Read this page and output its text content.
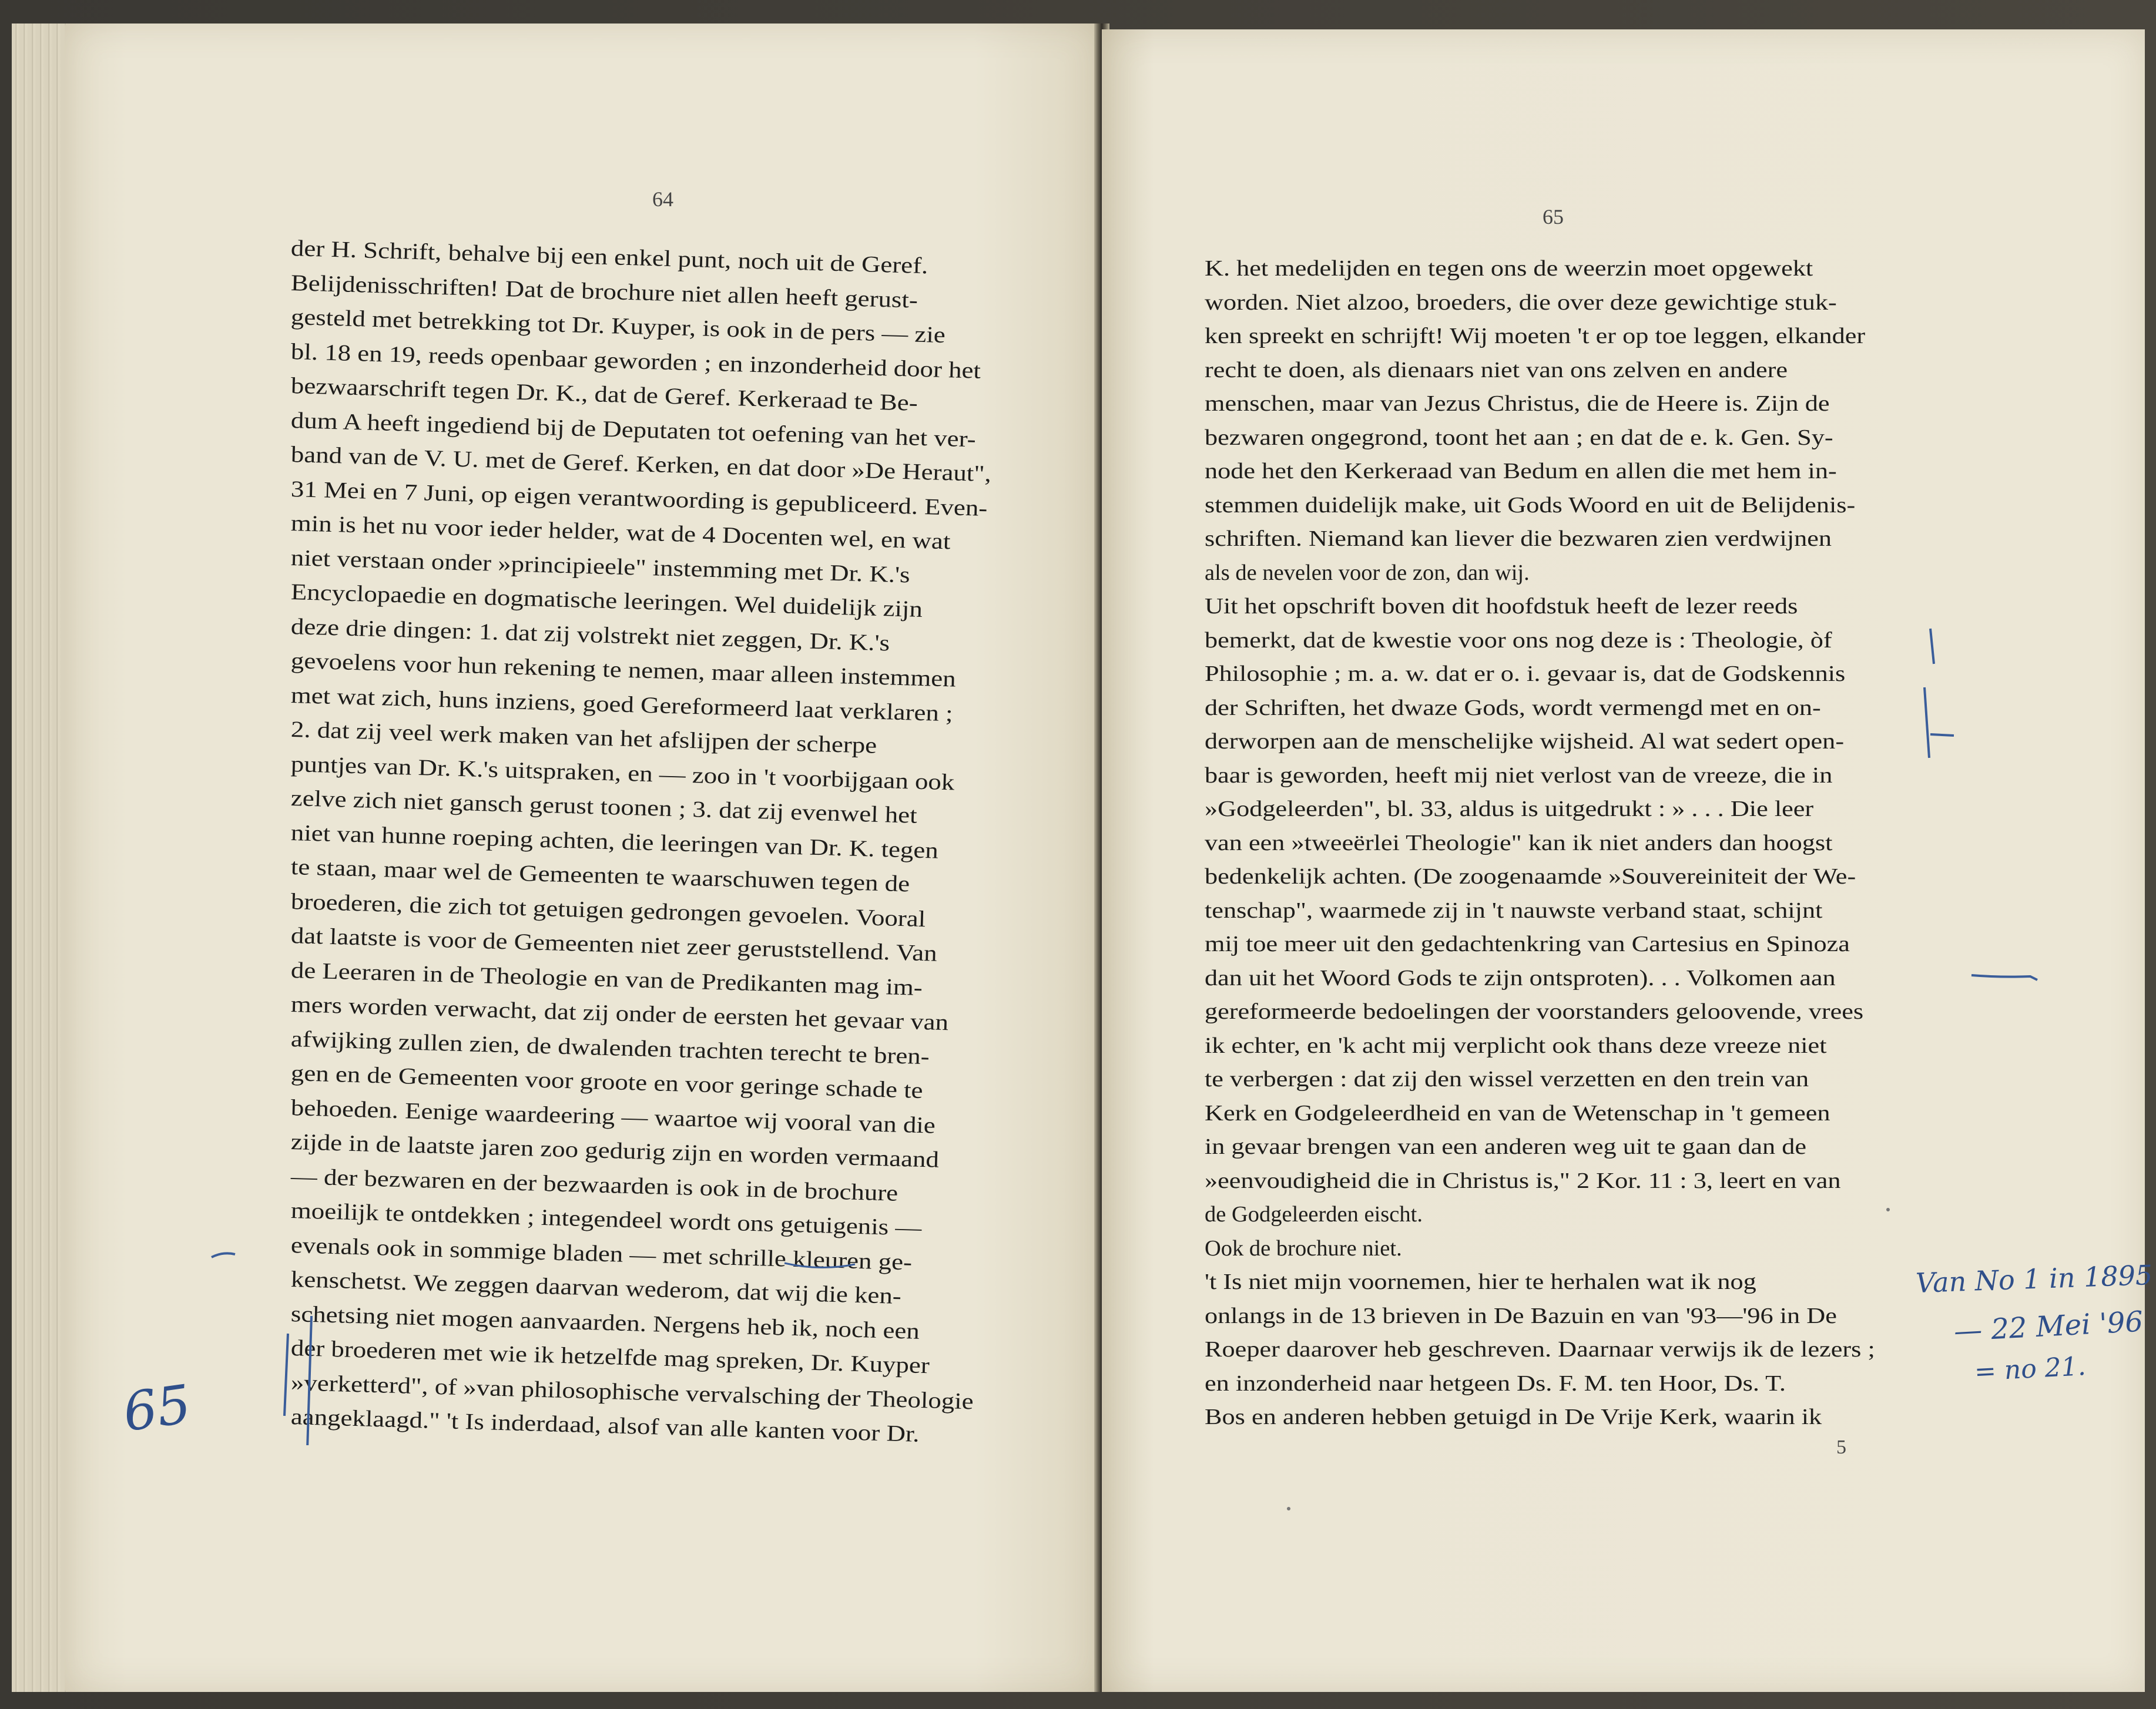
64
der H. Schrift, behalve bij een enkel punt, noch uit de Geref.
Belijdenisschriften! Dat de brochure niet allen heeft gerust-
gesteld met betrekking tot Dr. Kuyper, is ook in de pers — zie
bl. 18 en 19, reeds openbaar geworden ; en inzonderheid door het
bezwaarschrift tegen Dr. K., dat de Geref. Kerkeraad te Be-
dum A heeft ingediend bij de Deputaten tot oefening van het ver-
band van de V. U. met de Geref. Kerken, en dat door »De Heraut",
31 Mei en 7 Juni, op eigen verantwoording is gepubliceerd. Even-
min is het nu voor ieder helder, wat de 4 Docenten wel, en wat
niet verstaan onder »principieele" instemming met Dr. K.'s
Encyclopaedie en dogmatische leeringen. Wel duidelijk zijn
deze drie dingen: 1. dat zij volstrekt niet zeggen, Dr. K.'s
gevoelens voor hun rekening te nemen, maar alleen instemmen
met wat zich, huns inziens, goed Gereformeerd laat verklaren ;
2. dat zij veel werk maken van het afslijpen der scherpe
puntjes van Dr. K.'s uitspraken, en — zoo in 't voorbijgaan ook
zelve zich niet gansch gerust toonen ; 3. dat zij evenwel het
niet van hunne roeping achten, die leeringen van Dr. K. tegen
te staan, maar wel de Gemeenten te waarschuwen tegen de
broederen, die zich tot getuigen gedrongen gevoelen. Vooral
dat laatste is voor de Gemeenten niet zeer geruststellend. Van
de Leeraren in de Theologie en van de Predikanten mag im-
mers worden verwacht, dat zij onder de eersten het gevaar van
afwijking zullen zien, de dwalenden trachten terecht te bren-
gen en de Gemeenten voor groote en voor geringe schade te
behoeden. Eenige waardeering — waartoe wij vooral van die
zijde in de laatste jaren zoo gedurig zijn en worden vermaand
— der bezwaren en der bezwaarden is ook in de brochure
moeilijk te ontdekken ; integendeel wordt ons getuigenis —
evenals ook in sommige bladen — met schrille kleuren ge-
kenschetst. We zeggen daarvan wederom, dat wij die ken-
schetsing niet mogen aanvaarden. Nergens heb ik, noch een
der broederen met wie ik hetzelfde mag spreken, Dr. Kuyper
»verketterd", of »van philosophische vervalsching der Theologie
aangeklaagd." 't Is inderdaad, alsof van alle kanten voor Dr.
65
65
K. het medelijden en tegen ons de weerzin moet opgewekt
worden. Niet alzoo, broeders, die over deze gewichtige stuk-
ken spreekt en schrijft! Wij moeten 't er op toe leggen, elkander
recht te doen, als dienaars niet van ons zelven en andere
menschen, maar van Jezus Christus, die de Heere is. Zijn de
bezwaren ongegrond, toont het aan ; en dat de e. k. Gen. Sy-
node het den Kerkeraad van Bedum en allen die met hem in-
stemmen duidelijk make, uit Gods Woord en uit de Belijdenis-
schriften. Niemand kan liever die bezwaren zien verdwijnen
als de nevelen voor de zon, dan wij.
Uit het opschrift boven dit hoofdstuk heeft de lezer reeds
bemerkt, dat de kwestie voor ons nog deze is : Theologie, òf
Philosophie ; m. a. w. dat er o. i. gevaar is, dat de Godskennis
der Schriften, het dwaze Gods, wordt vermengd met en on-
derworpen aan de menschelijke wijsheid. Al wat sedert open-
baar is geworden, heeft mij niet verlost van de vreeze, die in
»Godgeleerden", bl. 33, aldus is uitgedrukt : » . . . Die leer
van een »tweeërlei Theologie" kan ik niet anders dan hoogst
bedenkelijk achten. (De zoogenaamde »Souvereiniteit der We-
tenschap", waarmede zij in 't nauwste verband staat, schijnt
mij toe meer uit den gedachtenkring van Cartesius en Spinoza
dan uit het Woord Gods te zijn ontsproten). . . Volkomen aan
gereformeerde bedoelingen der voorstanders geloovende, vrees
ik echter, en 'k acht mij verplicht ook thans deze vreeze niet
te verbergen : dat zij den wissel verzetten en den trein van
Kerk en Godgeleerdheid en van de Wetenschap in 't gemeen
in gevaar brengen van een anderen weg uit te gaan dan de
»eenvoudigheid die in Christus is," 2 Kor. 11 : 3, leert en van
de Godgeleerden eischt.
Ook de brochure niet.
't Is niet mijn voornemen, hier te herhalen wat ik nog
onlangs in de 13 brieven in De Bazuin en van '93—'96 in De
Roeper daarover heb geschreven. Daarnaar verwijs ik de lezers ;
en inzonderheid naar hetgeen Ds. F. M. ten Hoor, Ds. T.
Bos en anderen hebben getuigd in De Vrije Kerk, waarin ik
5
Van No 1 in 1895
— 22 Mei '96
= no 21.
